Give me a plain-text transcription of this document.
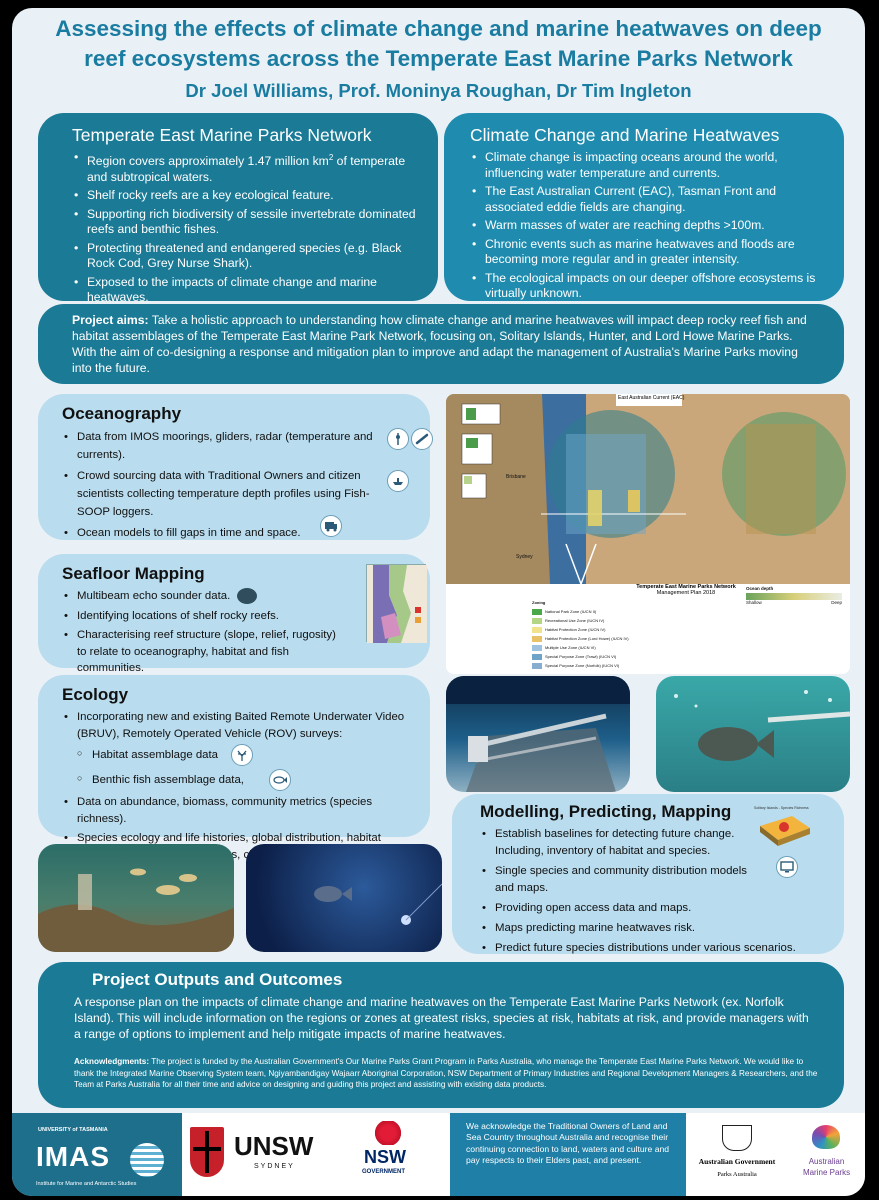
Assessing the effects of climate change and marine heatwaves on deep
reef ecosystems across the Temperate East Marine Parks Network
Dr Joel Williams, Prof. Moninya Roughan, Dr Tim Ingleton
Temperate East Marine Parks Network
• Region covers approximately 1.47 million $km^2$ of temperate and subtropical waters.
• Shelf rocky reefs are a key ecological feature.
• Supporting rich biodiversity of sessile invertebrate dominated reefs and benthic fishes.
• Protecting threatened and endangered species (e.g. Black Rock Cod, Grey Nurse Shark).
• Exposed to the impacts of climate change and marine heatwaves.
Climate Change and Marine Heatwaves
• Climate change is impacting oceans around the world, influencing water temperature and currents.
• The East Australian Current (EAC), Tasman Front and associated eddie fields are changing.
• Warm masses of water are reaching depths >100m.
• Chronic events such as marine heatwaves and floods are becoming more regular and in greater intensity.
• The ecological impacts on our deeper offshore ecosystems is virtually unknown.
Project aims: Take a holistic approach to understanding how climate change and marine heatwaves will impact deep rocky reef fish and habitat assemblages of the Temperate East Marine Park Network, focusing on, Solitary Islands, Hunter, and Lord Howe Marine Parks. With the aim of co-designing a response and mitigation plan to improve and adapt the management of Australia's Marine Parks moving into the future.
Oceanography
• Data from IMOS moorings, gliders, radar (temperature and currents).
• Crowd sourcing data with Traditional Owners and citizen scientists collecting temperature depth profiles using Fish-SOOP loggers.
• Ocean models to fill gaps in time and space.
Seafloor Mapping
• Multibeam echo sounder data.
• Identifying locations of shelf rocky reefs.
• Characterising reef structure (slope, relief, rugosity) to relate to oceanography, habitat and fish communities.
Ecology
• Incorporating new and existing Baited Remote Underwater Video (BRUV), Remotely Operated Vehicle (ROV) surveys:
○ Habitat assemblage data
○ Benthic fish assemblage data,
• Data on abundance, biomass, community metrics (species richness).
• Species ecology and life histories, global distribution, habitat
East Australian Current (EAC)
Brisbane
Sydney
Temperate East Marine Parks Network
Management Plan 2018
Zoning
National Park Zone (IUCN II)
Recreational Use Zone (IUCN IV)
Habitat Protection Zone (IUCN IV)
Habitat Protection Zone (Lord Howe) (IUCN IV)
Multiple Use Zone (IUCN VI)
Special Purpose Zone (Trawl) (IUCN VI)
Special Purpose Zone (Norfolk) (IUCN VI)
Ocean depth
Shallow	Deep
Modelling, Predicting, Mapping
• Establish baselines for detecting future change. Including, inventory of habitat and species.
• Single species and community distribution models and maps.
• Providing open access data and maps.
• Maps predicting marine heatwaves risk.
• Predict future species distributions under various scenarios.
Solitary Islands - Species Richness
Project Outputs and Outcomes
A response plan on the impacts of climate change and marine heatwaves on the Temperate East Marine Parks Network (ex. Norfolk Island). This will include information on the regions or zones at greatest risks, species at risk, habitats at risk, and provide managers with a range of options to implement and help mitigate impacts of marine heatwaves.
Acknowledgments: The project is funded by the Australian Government's Our Marine Parks Grant Program in Parks Australia, who manage the Temperate East Marine Parks Network. We would like to thank the Integrated Marine Observing System team, Ngiyambandigay Wajaarr Aboriginal Corporation, NSW Department of Primary Industries and Regional Development Managers & Researchers, and the Team at Parks Australia for all their time and advice on designing and guiding this project and assisting with existing data products.
UNIVERSITY of TASMANIA
IMAS
Institute for Marine and Antarctic Studies
UNSW
SYDNEY	NSW
GOVERNMENT
We acknowledge the Traditional Owners of Land and Sea Country throughout Australia and recognise their continuing connection to land, waters and culture and pay respects to their Elders past, and present.	Australian Government
Parks Australia
Australian
Marine Parks
